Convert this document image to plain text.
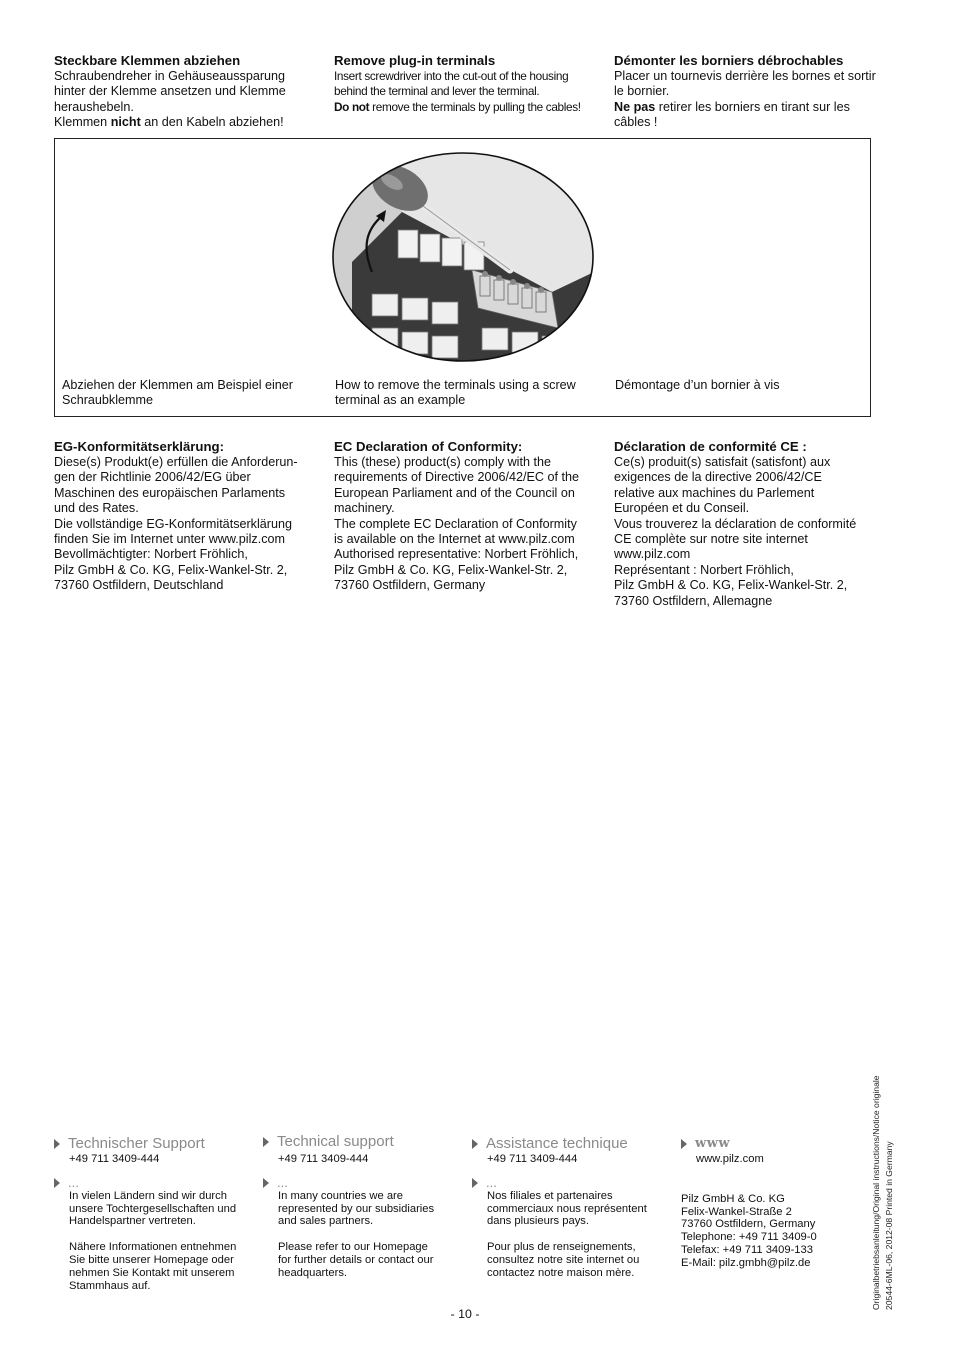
Steckbare Klemmen abziehen

Schraubendreher in Gehäuseaussparung hinter der Klemme ansetzen und Klemme heraushebeln.

Klemmen nicht an den Kabeln abziehen!

Remove plug-in terminals

Insert screwdriver into the cut-out of the housing behind the terminal and lever the terminal.

Do not remove the terminals by pulling the cables!

Démonter les borniers débrochables

Placer un tournevis derrière les bornes et sortir le bornier.

Ne pas retirer les borniers en tirant sur les câbles !

Abziehen der Klemmen am Beispiel einer Schraubklemme
How to remove the terminals using a screw terminal as an example
Démontage d’un bornier à vis
EG-Konformitätserklärung:
Diese(s) Produkt(e) erfüllen die Anforderun-
gen der Richtlinie 2006/42/EG über
Maschinen des europäischen Parlaments
und des Rates.
Die vollständige EG-Konformitätserklärung
finden Sie im Internet unter www.pilz.com
Bevollmächtigter: Norbert Fröhlich,
Pilz GmbH & Co. KG, Felix-Wankel-Str. 2,
73760 Ostfildern, Deutschland
EC Declaration of Conformity:
This (these) product(s) comply with the
requirements of Directive 2006/42/EC of the
European Parliament and of the Council on
machinery.
The complete EC Declaration of Conformity
is available on the Internet at www.pilz.com
Authorised representative: Norbert Fröhlich,
Pilz GmbH & Co. KG, Felix-Wankel-Str. 2,
73760 Ostfildern, Germany
Déclaration de conformité CE :
Ce(s) produit(s) satisfait (satisfont) aux
exigences de la directive 2006/42/CE
relative aux machines du Parlement
Européen et du Conseil.
Vous trouverez la déclaration de conformité
CE complète sur notre site internet
www.pilz.com
Représentant : Norbert Fröhlich,
Pilz GmbH & Co. KG, Felix-Wankel-Str. 2,
73760 Ostfildern, Allemagne
Originalbetriebsanleitung/Original instructions/Notice originale 20544-6ML-06, 2012-08 Printed in Germany
Technischer Support
+49 711 3409-444
...
In vielen Ländern sind wir durch
unsere Tochtergesellschaften und
Handelspartner vertreten.
Nähere Informationen entnehmen
Sie bitte unserer Homepage oder
nehmen Sie Kontakt mit unserem
Stammhaus auf.
Technical support
+49 711 3409-444
...
In many countries we are
represented by our subsidiaries
and sales partners.
Please refer to our Homepage
for further details or contact our
headquarters.
Assistance technique
+49 711 3409-444
...
Nos filiales et partenaires
commerciaux nous représentent
dans plusieurs pays.
Pour plus de renseignements,
consultez notre site internet ou
contactez notre maison mère.
www
www.pilz.com
Pilz GmbH & Co. KG
Felix-Wankel-Straße 2
73760 Ostfildern, Germany
Telephone: +49 711 3409-0
Telefax: +49 711 3409-133
E-Mail: pilz.gmbh@pilz.de
- 10 -
